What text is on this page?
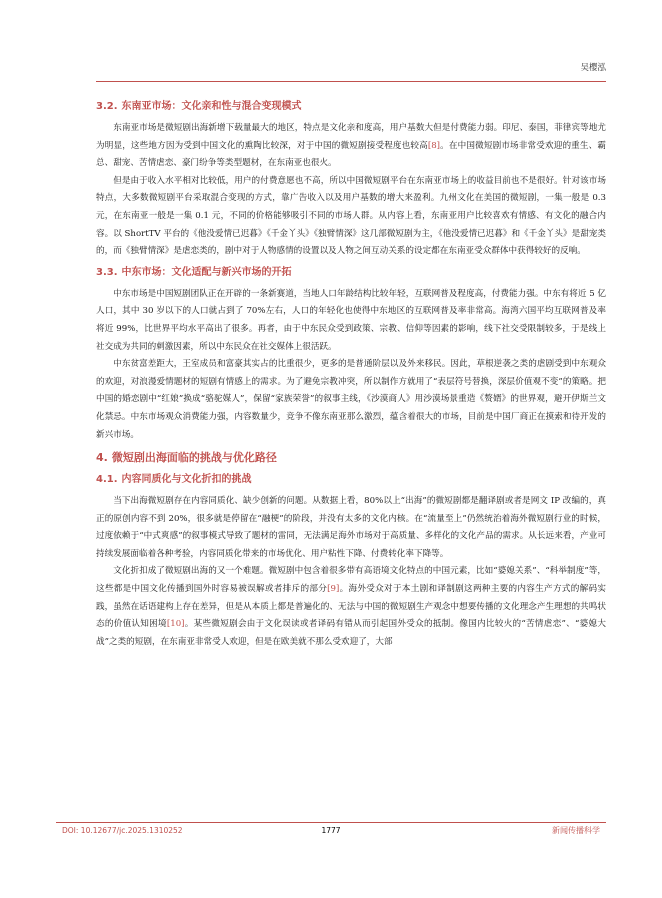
吴樱泓
3.2. 东南亚市场：文化亲和性与混合变现模式

东南亚市场是微短剧出海新增下载量最大的地区，特点是文化亲和度高，用户基数大但是付费能力弱。印尼、泰国，菲律宾等地尤为明显，这些地方因为受到中国文化的熏陶比较深，对于中国的微短剧接受程度也较高[8]。在中国微短剧市场非常受欢迎的重生、霸总、甜宠、苦情虐恋、豪门纷争等类型题材，在东南亚也很火。

但是由于收入水平相对比较低，用户的付费意愿也不高，所以中国微短剧平台在东南亚市场上的收益目前也不是很好。针对该市场特点，大多数微短剧平台采取混合变现的方式，靠广告收入以及用户基数的增大来盈利。九州文化在美国的微短剧，一集一般是 0.3 元，在东南亚一般是一集 0.1 元，不同的价格能够吸引不同的市场人群。从内容上看，东南亚用户比较喜欢有情感、有文化的融合内容。以 ShortTV 平台的《他没爱情已迟暮》《千金丫头》《独臂情深》这几部微短剧为主，《他没爱情已迟暮》和《千金丫头》是甜宠类的，而《独臂情深》是虐恋类的，剧中对于人物感情的设置以及人物之间互动关系的设定都在东南亚受众群体中获得较好的反响。

3.3. 中东市场：文化适配与新兴市场的开拓

中东市场是中国短剧团队正在开辟的一条新赛道，当地人口年龄结构比较年轻，互联网普及程度高，付费能力强。中东有将近 5 亿人口，其中 30 岁以下的人口就占到了 70%左右，人口的年轻化也使得中东地区的互联网普及率非常高。海湾六国平均互联网普及率将近 99%，比世界平均水平高出了很多。再者，由于中东民众受到政策、宗教、信仰等因素的影响，线下社交受限制较多，于是线上社交成为共同的刺激因素，所以中东民众在社交媒体上很活跃。

中东贫富差距大，王室成员和富豪其实占的比重很少，更多的是普通阶层以及外来移民。因此，草根逆袭之类的虐剧受到中东观众的欢迎，对浪漫爱情题材的短剧有情感上的需求。为了避免宗教冲突，所以制作方就用了“表层符号替换，深层价值观不变”的策略。把中国的婚恋剧中“红娘”换成“骆驼媒人”，保留“家族荣誉”的叙事主线，《沙漠商人》用沙漠场景重造《赘婿》的世界观，避开伊斯兰文化禁忌。中东市场观众消费能力强，内容数量少，竞争不像东南亚那么激烈，蕴含着很大的市场，目前是中国厂商正在摸索和待开发的新兴市场。

4. 微短剧出海面临的挑战与优化路径
4.1. 内容同质化与文化折扣的挑战

当下出海微短剧存在内容同质化、缺少创新的问题。从数据上看，80%以上“出海”的微短剧都是翻译剧或者是网文 IP 改编的，真正的原创内容不到 20%，很多就是停留在“融梗”的阶段，并没有太多的文化内核。在“流量至上”仍然统治着海外微短剧行业的时候，过度依赖于“中式爽感”的叙事模式导致了题材的雷同，无法满足海外市场对于高质量、多样化的文化产品的需求。从长远来看，产业可持续发展面临着各种考验，内容同质化带来的市场优化、用户粘性下降、付费转化率下降等。

文化折扣成了微短剧出海的又一个难题。微短剧中包含着很多带有高语境文化特点的中国元素，比如“婆媳关系”、“科举制度”等，这些都是中国文化传播到国外时容易被误解或者排斥的部分[9]。海外受众对于本土剧和译制剧这两种主要的内容生产方式的解码实践，虽然在话语建构上存在差异，但是从本质上都是普遍化的、无法与中国的微短剧生产观念中想要传播的文化理念产生理想的共鸣状态的价值认知困境[10]。某些微短剧会由于文化误读或者译码有错从而引起国外受众的抵制。像国内比较火的“苦情虐恋”、“婆媳大战”之类的短剧，在东南亚非常受人欢迎，但是在欧美就不那么受欢迎了，大部

DOI: 10.12677/jc.2025.1310252	1777	新闻传播科学
